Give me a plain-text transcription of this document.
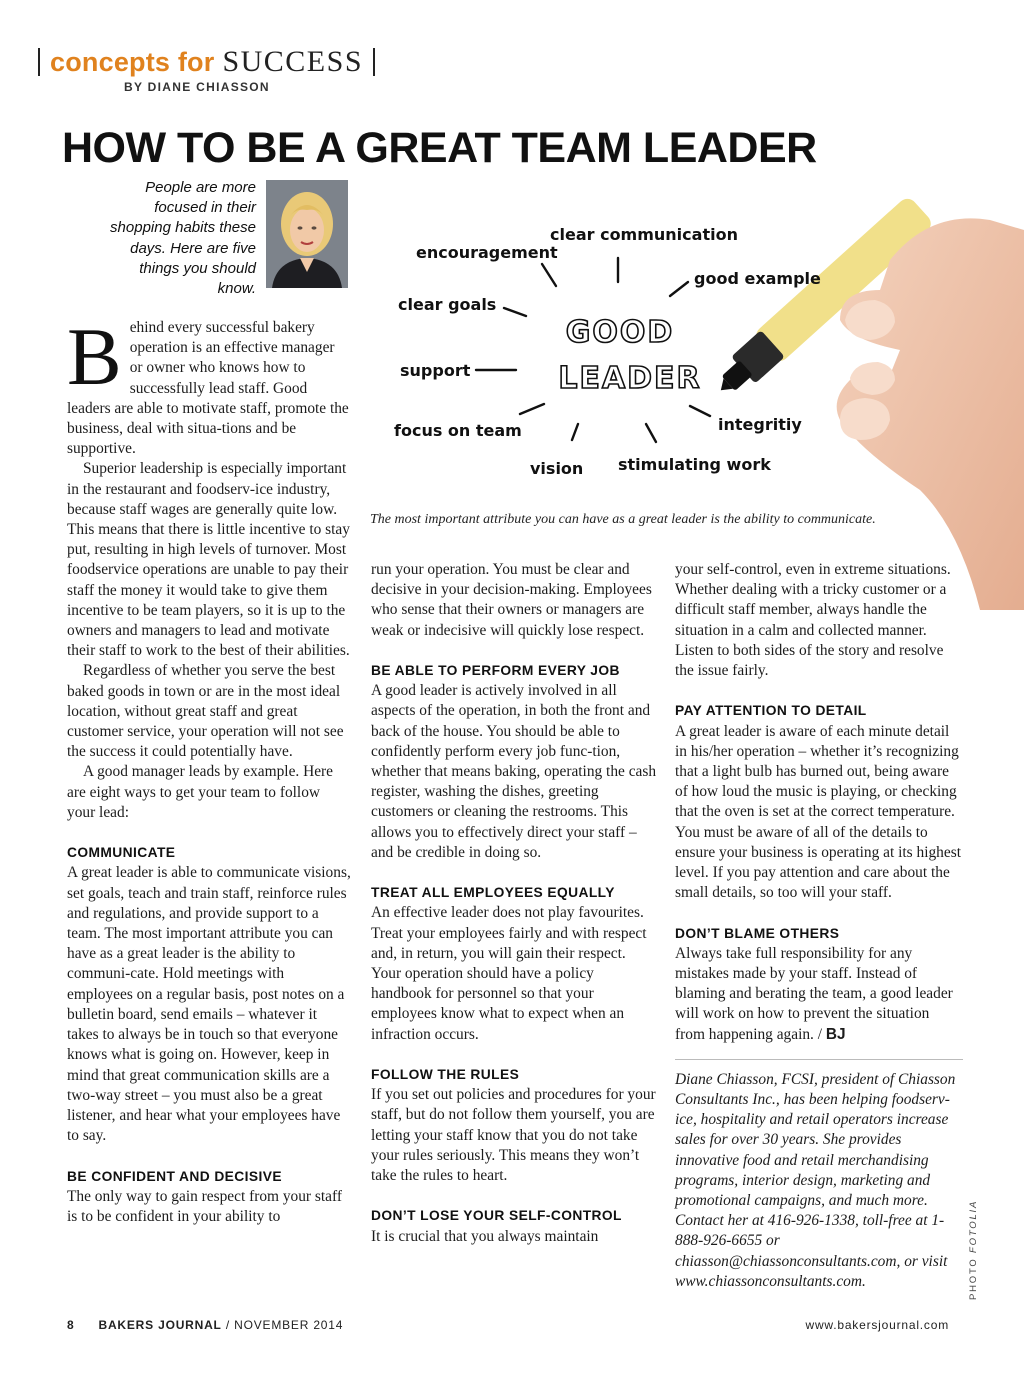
concepts for SUCCESS
BY DIANE CHIASSON
HOW TO BE A GREAT TEAM LEADER
People are more focused in their shopping habits these days. Here are five things you should know.
GOOD
LEADER
clear communication
encouragement
good example
clear goals
support
focus on team	integritiy
vision stimulating work
The most important attribute you can have as a great leader is the ability to communicate.

Behind every successful bakery operation is an effective manager or owner who knows how to successfully lead staff. Good leaders are able to motivate staff, promote the business, deal with situa-tions and be supportive.

Superior leadership is especially important in the restaurant and foodserv-ice industry, because staff wages are generally quite low. This means that there is little incentive to stay put, resulting in high levels of turnover. Most foodservice operations are unable to pay their staff the money it would take to give them incentive to be team players, so it is up to the owners and managers to lead and motivate their staff to work to the best of their abilities.

Regardless of whether you serve the best baked goods in town or are in the most ideal location, without great staff and great customer service, your operation will not see the success it could potentially have.

A good manager leads by example. Here are eight ways to get your team to follow your lead:

COMMUNICATE

A great leader is able to communicate visions, set goals, teach and train staff, reinforce rules and regulations, and provide support to a team. The most important attribute you can have as a great leader is the ability to communi-cate. Hold meetings with employees on a regular basis, post notes on a bulletin board, send emails – whatever it takes to always be in touch so that everyone knows what is going on. However, keep in mind that great communication skills are a two-way street – you must also be a great listener, and hear what your employees have to say.

BE CONFIDENT AND DECISIVE

The only way to gain respect from your staff is to be confident in your ability to

run your operation. You must be clear and decisive in your decision-making. Employees who sense that their owners or managers are weak or indecisive will quickly lose respect.

BE ABLE TO PERFORM EVERY JOB

A good leader is actively involved in all aspects of the operation, in both the front and back of the house. You should be able to confidently perform every job func-tion, whether that means baking, operating the cash register, washing the dishes, greeting customers or cleaning the restrooms. This allows you to effectively direct your staff – and be credible in doing so.

TREAT ALL EMPLOYEES EQUALLY

An effective leader does not play favourites. Treat your employees fairly and with respect and, in return, you will gain their respect. Your operation should have a policy handbook for personnel so that your employees know what to expect when an infraction occurs.

FOLLOW THE RULES

If you set out policies and procedures for your staff, but do not follow them yourself, you are letting your staff know that you do not take your rules seriously. This means they won’t take the rules to heart.

DON’T LOSE YOUR SELF-CONTROL

It is crucial that you always maintain

your self-control, even in extreme situations. Whether dealing with a tricky customer or a difficult staff member, always handle the situation in a calm and collected manner. Listen to both sides of the story and resolve the issue fairly.

PAY ATTENTION TO DETAIL

A great leader is aware of each minute detail in his/her operation – whether it’s recognizing that a light bulb has burned out, being aware of how loud the music is playing, or checking that the oven is set at the correct temperature. You must be aware of all of the details to ensure your business is operating at its highest level. If you pay attention and care about the small details, so too will your staff.

DON’T BLAME OTHERS

Always take full responsibility for any mistakes made by your staff. Instead of blaming and berating the team, a good leader will work on how to prevent the situation from happening again. / BJ

Diane Chiasson, FCSI, president of Chiasson Consultants Inc., has been helping foodserv-ice, hospitality and retail operators increase sales for over 30 years. She provides innovative food and retail merchandising programs, interior design, marketing and promotional campaigns, and much more. Contact her at 416-926-1338, toll-free at 1-888-926-6655 or chiasson@chiassonconsultants.com, or visit www.chiassonconsultants.com.	PHOTO FOTOLIA
8 BAKERS JOURNAL / NOVEMBER 2014	www.bakersjournal.com
